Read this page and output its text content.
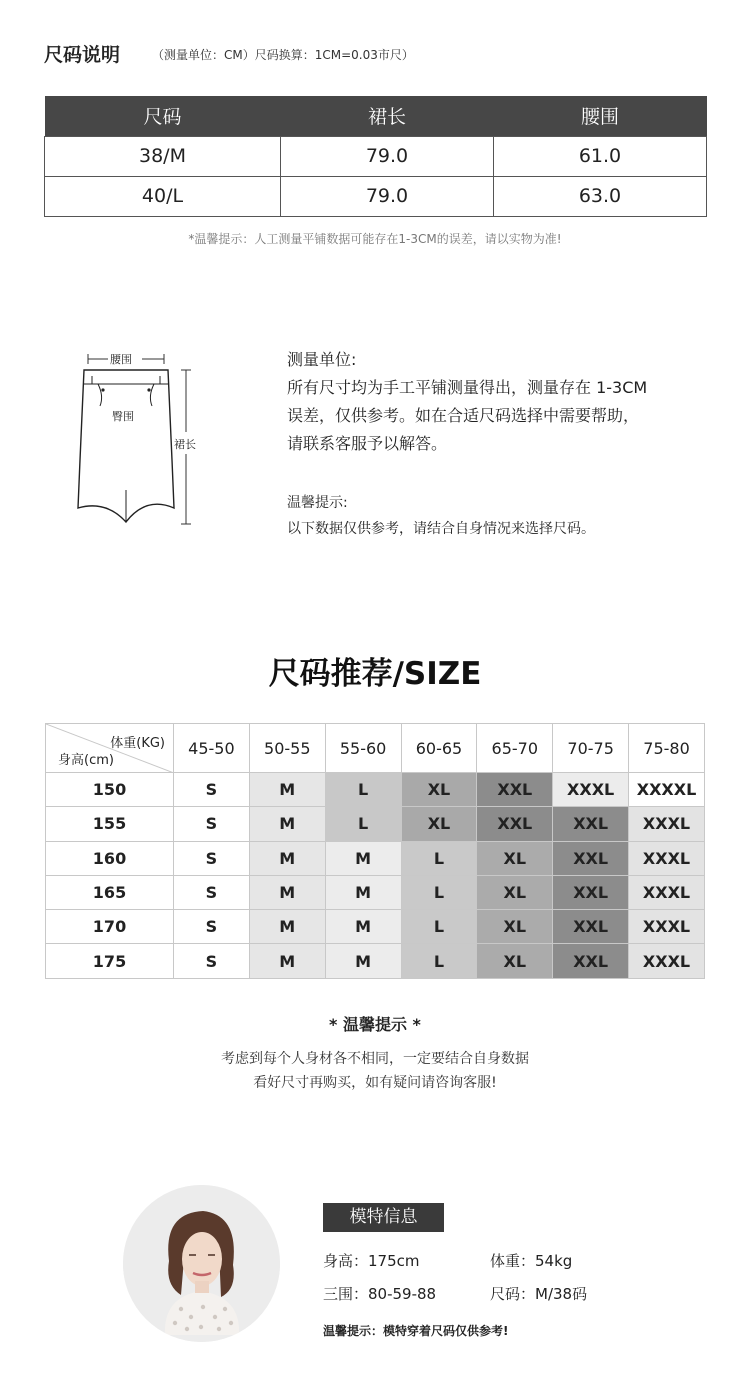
尺码说明	（测量单位：CM）尺码换算：1CM=0.03市尺）
尺码	裙长	腰围
38/M	79.0	61.0
40/L	79.0	63.0
*温馨提示：人工测量平铺数据可能存在1-3CM的误差，请以实物为准!
腰围
臀围
裙长
测量单位:
所有尺寸均为手工平铺测量得出，测量存在 1-3CM
误差，仅供参考。如在合适尺码选择中需要帮助，
请联系客服予以解答。
温馨提示:
以下数据仅供参考，请结合自身情况来选择尺码。
尺码推荐/SIZE
体重(KG)
身高(cm)	45-50	50-55	55-60	60-65	65-70	70-75	75-80
150	S	M	L	XL	XXL	XXXL	XXXXL
155	S	M	L	XL	XXL	XXL	XXXL
160	S	M	M	L	XL	XXL	XXXL
165	S	M	M	L	XL	XXL	XXXL
170	S	M	M	L	XL	XXL	XXXL
175	S	M	M	L	XL	XXL	XXXL
* 温馨提示 *
考虑到每个人身材各不相同，一定要结合自身数据
看好尺寸再购买，如有疑问请咨询客服!
模特信息
身高：175cm	体重：54kg
三围：80-59-88	尺码：M/38码
温馨提示：模特穿着尺码仅供参考!
